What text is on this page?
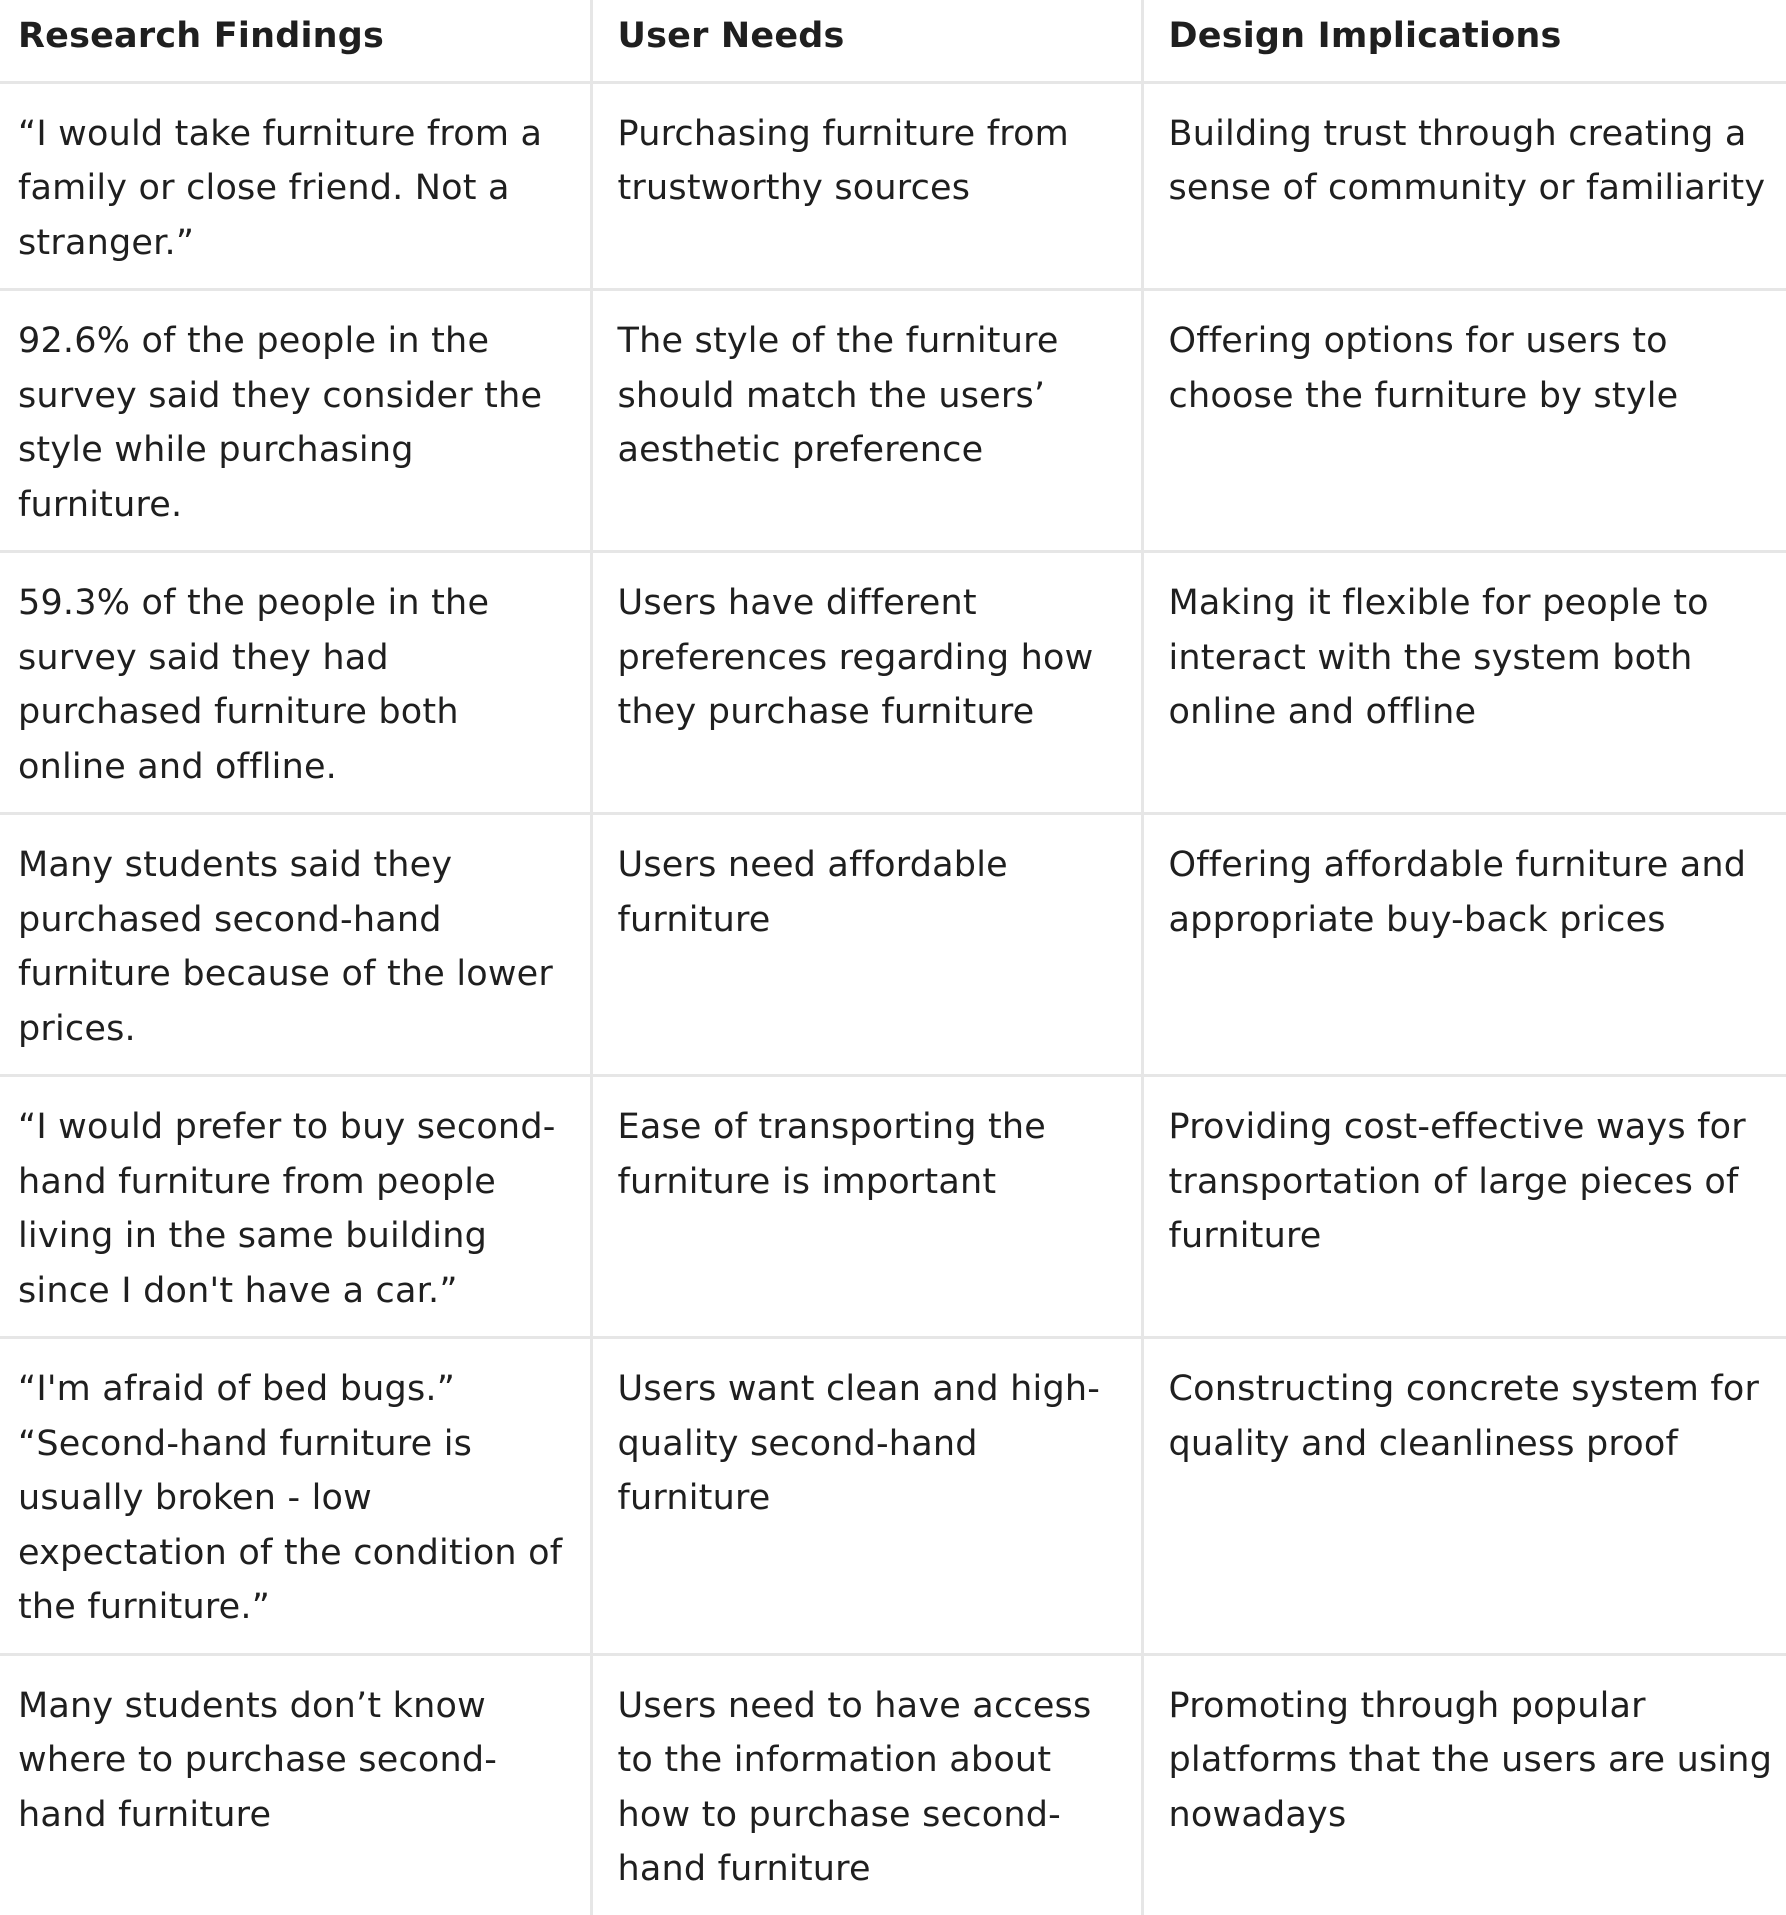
Research Findings	User Needs	Design Implications
“I would take furniture from a family or close friend. Not a stranger.”	Purchasing furniture from trustworthy sources	Building trust through creating a sense of community or familiarity
92.6% of the people in the survey said they consider the style while purchasing furniture.	The style of the furniture should match the users’ aesthetic preference	Offering options for users to choose the furniture by style
59.3% of the people in the survey said they had purchased furniture both online and offline.	Users have different preferences regarding how they purchase furniture	Making it flexible for people to interact with the system both online and offline
Many students said they purchased second-hand furniture because of the lower prices.	Users need affordable furniture	Offering affordable furniture and appropriate buy-back prices
“I would prefer to buy second-hand furniture from people living in the same building since I don't have a car.”	Ease of transporting the furniture is important	Providing cost-effective ways for transportation of large pieces of furniture
“I'm afraid of bed bugs.” “Second-hand furniture is usually broken - low expectation of the condition of the furniture.”	Users want clean and high-quality second-hand furniture	Constructing concrete system for quality and cleanliness proof
Many students don’t know where to purchase second-hand furniture	Users need to have access to the information about how to purchase second-hand furniture	Promoting through popular platforms that the users are using nowadays
